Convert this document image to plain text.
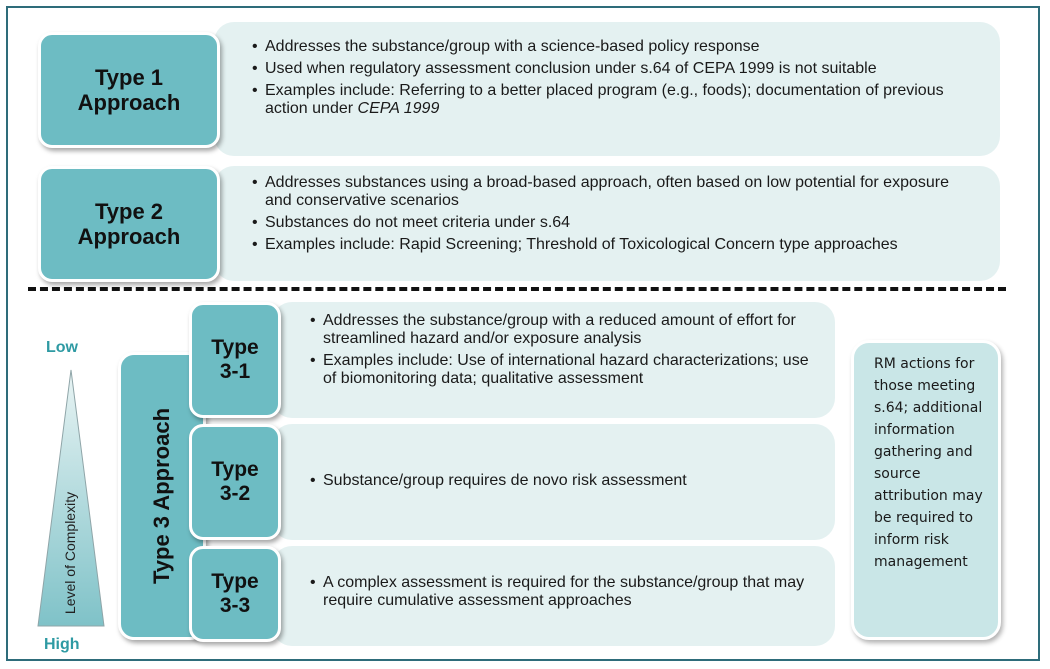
• Addresses the substance/group with a science-based policy response
• Used when regulatory assessment conclusion under s.64 of CEPA 1999 is not suitable
• Examples include: Referring to a better placed program (e.g., foods); documentation of previous action under CEPA 1999
Type 1
Approach
• Addresses substances using a broad-based approach, often based on low potential for exposure and conservative scenarios
• Substances do not meet criteria under s.64
• Examples include: Rapid Screening; Threshold of Toxicological Concern type approaches
Type 2
Approach
Low
Level of Complexity
High
Type 3 Approach
• Addresses the substance/group with a reduced amount of effort for streamlined hazard and/or exposure analysis
• Examples include: Use of international hazard characterizations; use of biomonitoring data; qualitative assessment
Type
3-1
• Substance/group requires de novo risk assessment
Type
3-2
• A complex assessment is required for the substance/group that may require cumulative assessment approaches
Type
3-3
RM actions for those meeting s.64; additional information gathering and source attribution may be required to inform risk management
